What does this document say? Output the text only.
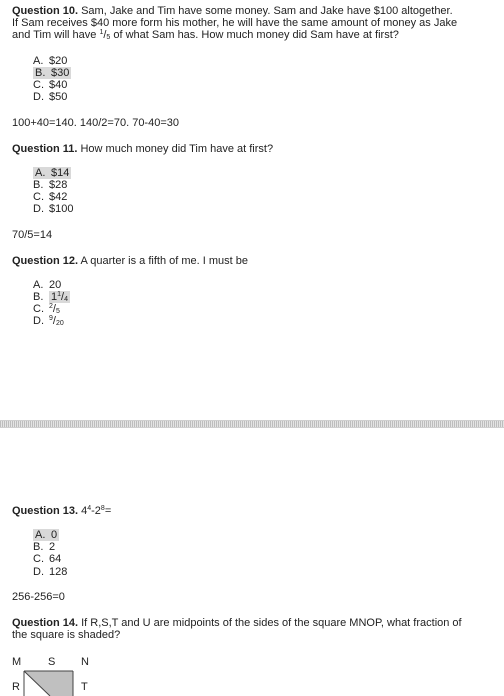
Question 10. Sam, Jake and Tim have some money. Sam and Jake have $100 altogether.
If Sam receives $40 more form his mother, he will have the same amount of money as Jake
and Tim will have $^1/_5$ of what Sam has. How much money did Sam have at first?
A. $20
B. $30
C. $40
D. $50
100+40=140. 140/2=70. 70-40=30
Question 11. How much money did Tim have at first?
A. $14
B. $28
C. $42
D. $100
70/5=14
Question 12. A quarter is a fifth of me. I must be
A. 20
B. $1^1/_4$
C. $^2/_5$
D. $^9/_{20}$
Question 13. $4^4-2^8=$
A. 0
B. 2
C. 64
D. 128
256-256=0
Question 14. If R,S,T and U are midpoints of the sides of the square MNOP, what fraction of
the square is shaded?
M S N
R	T
